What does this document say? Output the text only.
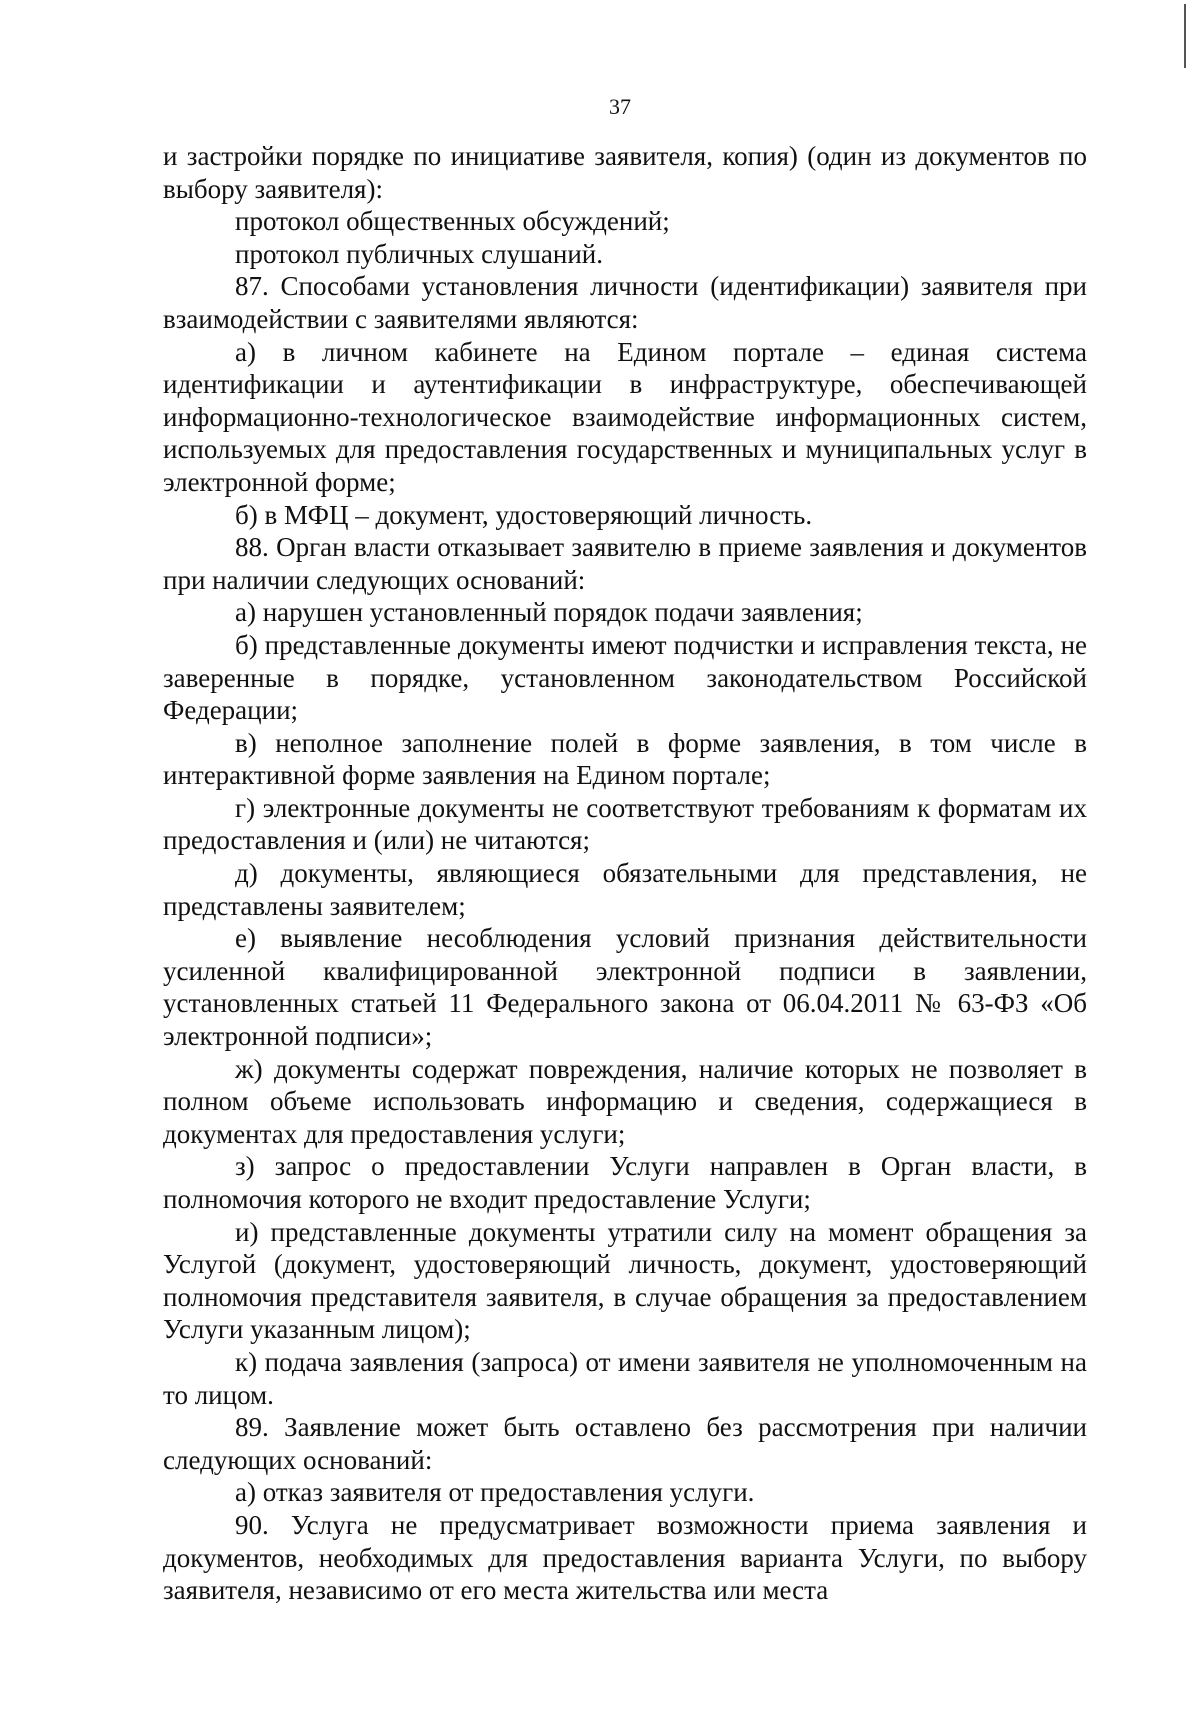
37

и застройки порядке по инициативе заявителя, копия) (один из документов по выбору заявителя):

протокол общественных обсуждений;

протокол публичных слушаний.

87. Способами установления личности (идентификации) заявителя при взаимодействии с заявителями являются:

а) в личном кабинете на Едином портале – единая система идентификации и аутентификации в инфраструктуре, обеспечивающей информационно-технологическое взаимодействие информационных систем, используемых для предоставления государственных и муниципальных услуг в электронной форме;

б) в МФЦ – документ, удостоверяющий личность.

88. Орган власти отказывает заявителю в приеме заявления и документов при наличии следующих оснований:

а) нарушен установленный порядок подачи заявления;

б) представленные документы имеют подчистки и исправления текста, не заверенные в порядке, установленном законодательством Российской Федерации;

в) неполное заполнение полей в форме заявления, в том числе в интерактивной форме заявления на Едином портале;

г) электронные документы не соответствуют требованиям к форматам их предоставления и (или) не читаются;

д) документы, являющиеся обязательными для представления, не представлены заявителем;

е) выявление несоблюдения условий признания действительности усиленной квалифицированной электронной подписи в заявлении, установленных статьей 11 Федерального закона от 06.04.2011 № 63-ФЗ «Об электронной подписи»;

ж) документы содержат повреждения, наличие которых не позволяет в полном объеме использовать информацию и сведения, содержащиеся в документах для предоставления услуги;

з) запрос о предоставлении Услуги направлен в Орган власти, в полномочия которого не входит предоставление Услуги;

и) представленные документы утратили силу на момент обращения за Услугой (документ, удостоверяющий личность, документ, удостоверяющий полномочия представителя заявителя, в случае обращения за предоставлением Услуги указанным лицом);

к) подача заявления (запроса) от имени заявителя не уполномоченным на то лицом.

89. Заявление может быть оставлено без рассмотрения при наличии следующих оснований:

а) отказ заявителя от предоставления услуги.

90. Услуга не предусматривает возможности приема заявления и документов, необходимых для предоставления варианта Услуги, по выбору заявителя, независимо от его места жительства или места
